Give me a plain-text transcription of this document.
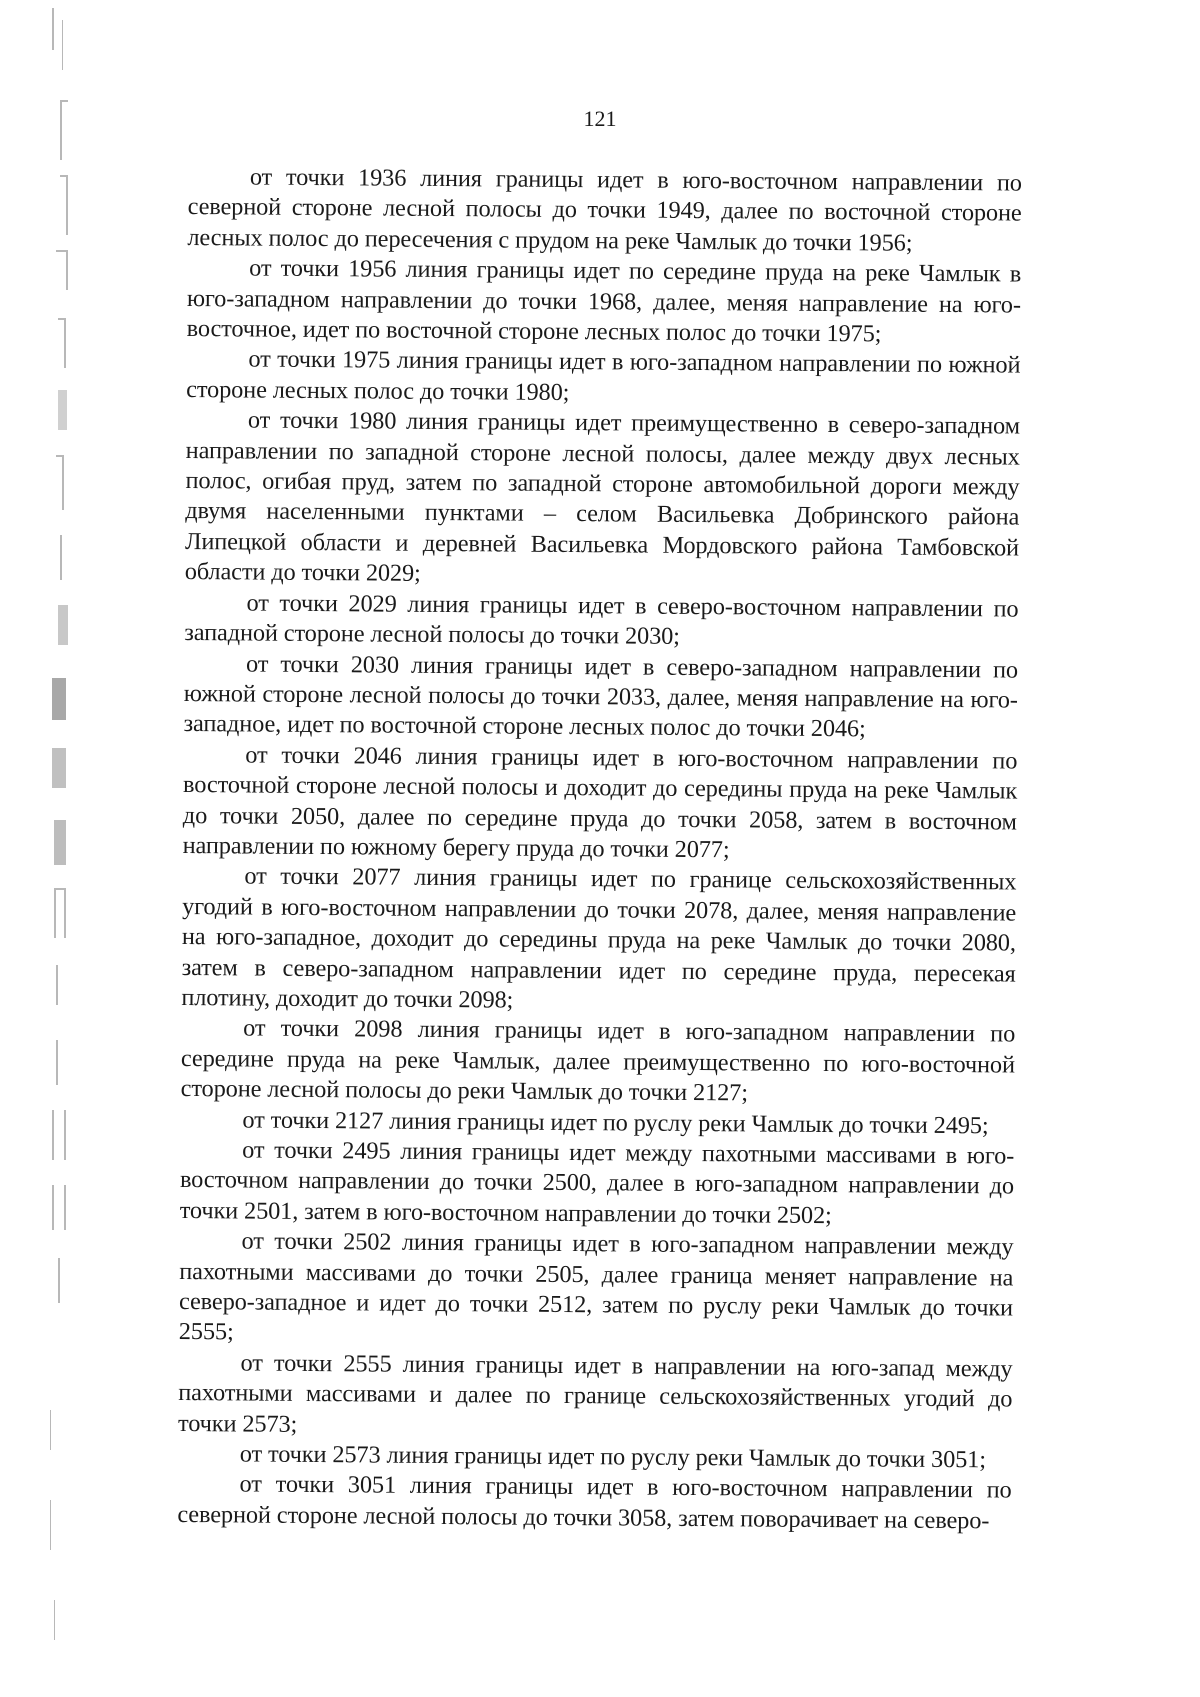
121

от точки 1936 линия границы идет в юго-восточном направлении по северной стороне лесной полосы до точки 1949, далее по восточной стороне лесных полос до пересечения с прудом на реке Чамлык до точки 1956;

от точки 1956 линия границы идет по середине пруда на реке Чамлык в юго-западном направлении до точки 1968, далее, меняя направление на юго-восточное, идет по восточной стороне лесных полос до точки 1975;

от точки 1975 линия границы идет в юго-западном направлении по южной стороне лесных полос до точки 1980;

от точки 1980 линия границы идет преимущественно в северо-западном направлении по западной стороне лесной полосы, далее между двух лесных полос, огибая пруд, затем по западной стороне автомобильной дороги между двумя населенными пунктами – селом Васильевка Добринского района Липецкой области и деревней Васильевка Мордовского района Тамбовской области до точки 2029;

от точки 2029 линия границы идет в северо-восточном направлении по западной стороне лесной полосы до точки 2030;

от точки 2030 линия границы идет в северо-западном направлении по южной стороне лесной полосы до точки 2033, далее, меняя направление на юго-западное, идет по восточной стороне лесных полос до точки 2046;

от точки 2046 линия границы идет в юго-восточном направлении по восточной стороне лесной полосы и доходит до середины пруда на реке Чамлык до точки 2050, далее по середине пруда до точки 2058, затем в восточном направлении по южному берегу пруда до точки 2077;

от точки 2077 линия границы идет по границе сельскохозяйственных угодий в юго-восточном направлении до точки 2078, далее, меняя направление на юго-западное, доходит до середины пруда на реке Чамлык до точки 2080, затем в северо-западном направлении идет по середине пруда, пересекая плотину, доходит до точки 2098;

от точки 2098 линия границы идет в юго-западном направлении по середине пруда на реке Чамлык, далее преимущественно по юго-восточной стороне лесной полосы до реки Чамлык до точки 2127;

от точки 2127 линия границы идет по руслу реки Чамлык до точки 2495;

от точки 2495 линия границы идет между пахотными массивами в юго-восточном направлении до точки 2500, далее в юго-западном направлении до точки 2501, затем в юго-восточном направлении до точки 2502;

от точки 2502 линия границы идет в юго-западном направлении между пахотными массивами до точки 2505, далее граница меняет направление на северо-западное и идет до точки 2512, затем по руслу реки Чамлык до точки 2555;

от точки 2555 линия границы идет в направлении на юго-запад между пахотными массивами и далее по границе сельскохозяйственных угодий до точки 2573;

от точки 2573 линия границы идет по руслу реки Чамлык до точки 3051;

от точки 3051 линия границы идет в юго-восточном направлении по северной стороне лесной полосы до точки 3058, затем поворачивает на северо-
